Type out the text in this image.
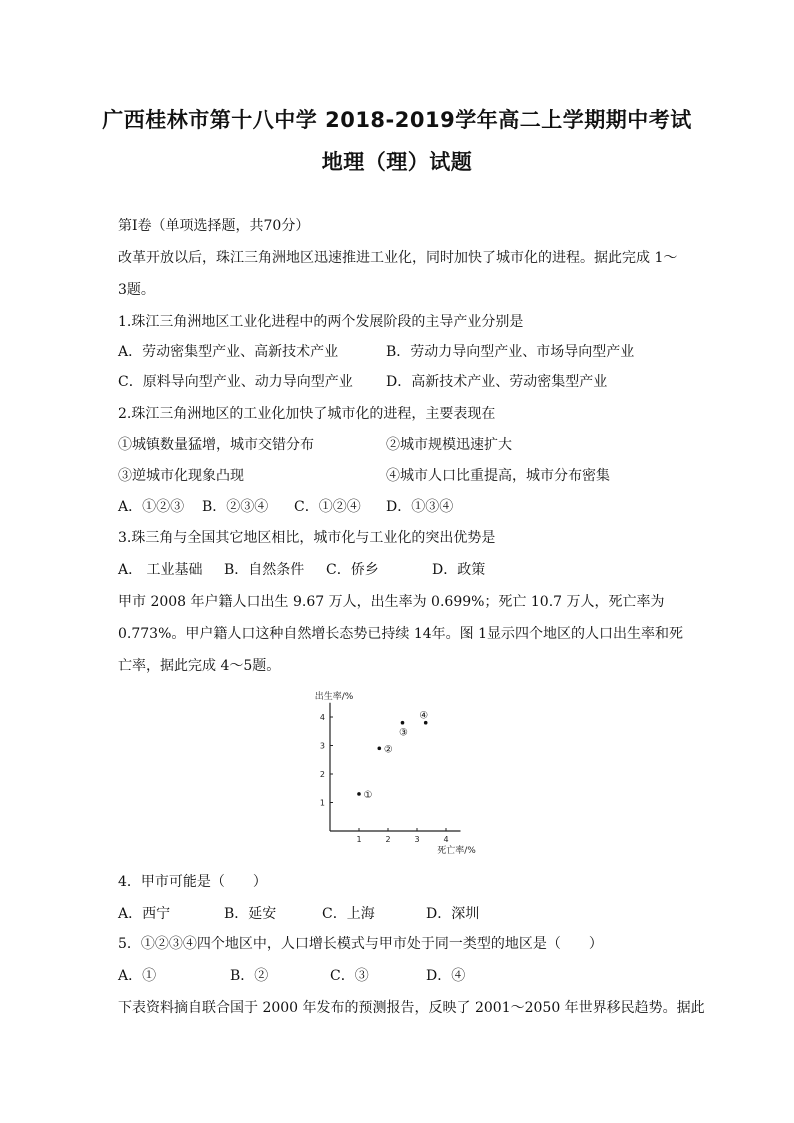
广西桂林市第十八中学 2018-2019学年高二上学期期中考试
地理（理）试题
第Ⅰ卷（单项选择题，共70分）
改革开放以后，珠江三角洲地区迅速推进工业化，同时加快了城市化的进程。据此完成 1～
3题。
1.珠江三角洲地区工业化进程中的两个发展阶段的主导产业分别是
A．劳动密集型产业、高新技术产业	B．劳动力导向型产业、市场导向型产业
C．原料导向型产业、动力导向型产业 D．高新技术产业、劳动密集型产业
2.珠江三角洲地区的工业化加快了城市化的进程，主要表现在
①城镇数量猛增，城市交错分布	②城市规模迅速扩大
③逆城市化现象凸现	④城市人口比重提高，城市分布密集
A．①②③ B．②③④ C．①②④ D．①③④
3.珠三角与全国其它地区相比，城市化与工业化的突出优势是
A． 工业基础 B．自然条件 C．侨乡	D．政策
甲市 2008 年户籍人口出生 9.67 万人，出生率为 0.699%；死亡 10.7 万人，死亡率为
0.773%。甲户籍人口这种自然增长态势已持续 14年。图 1显示四个地区的人口出生率和死
亡率，据此完成 4～5题。
出生率/%
死亡率/%
1	2	3	4
1
2
3
4
①
②
③
④
4．甲市可能是（　　）
A．西宁	B．延安	C．上海	D．深圳
5．①②③④四个地区中，人口增长模式与甲市处于同一类型的地区是（　　）
A．①	B．②	C．③	D．④
下表资料摘自联合国于 2000 年发布的预测报告，反映了 2001～2050 年世界移民趋势。据此
